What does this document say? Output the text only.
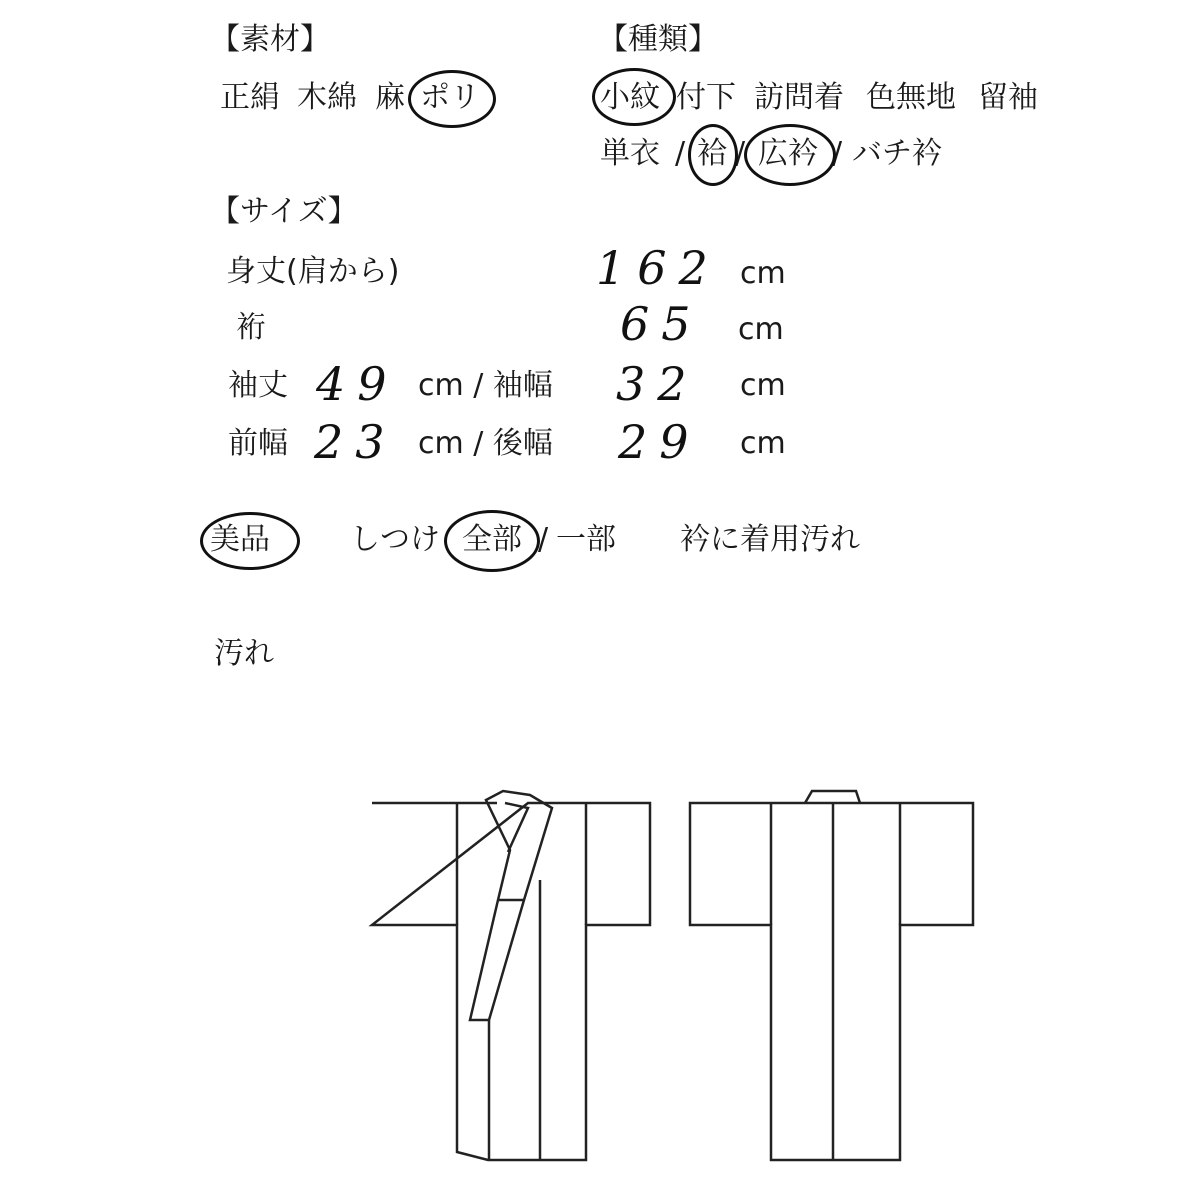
【素材】
正絹 木綿 麻 ポリ
【種類】
小紋 付下 訪問着 色無地 留袖
単衣 / 袷 / 広衿 / バチ衿
【サイズ】
身丈(肩から)	162 cm
裄	65 cm
袖丈 49 cm / 袖幅 32 cm
前幅 23 cm / 後幅 29 cm
美品	しつけ 全部 / 一部 衿に着用汚れ
汚れ
